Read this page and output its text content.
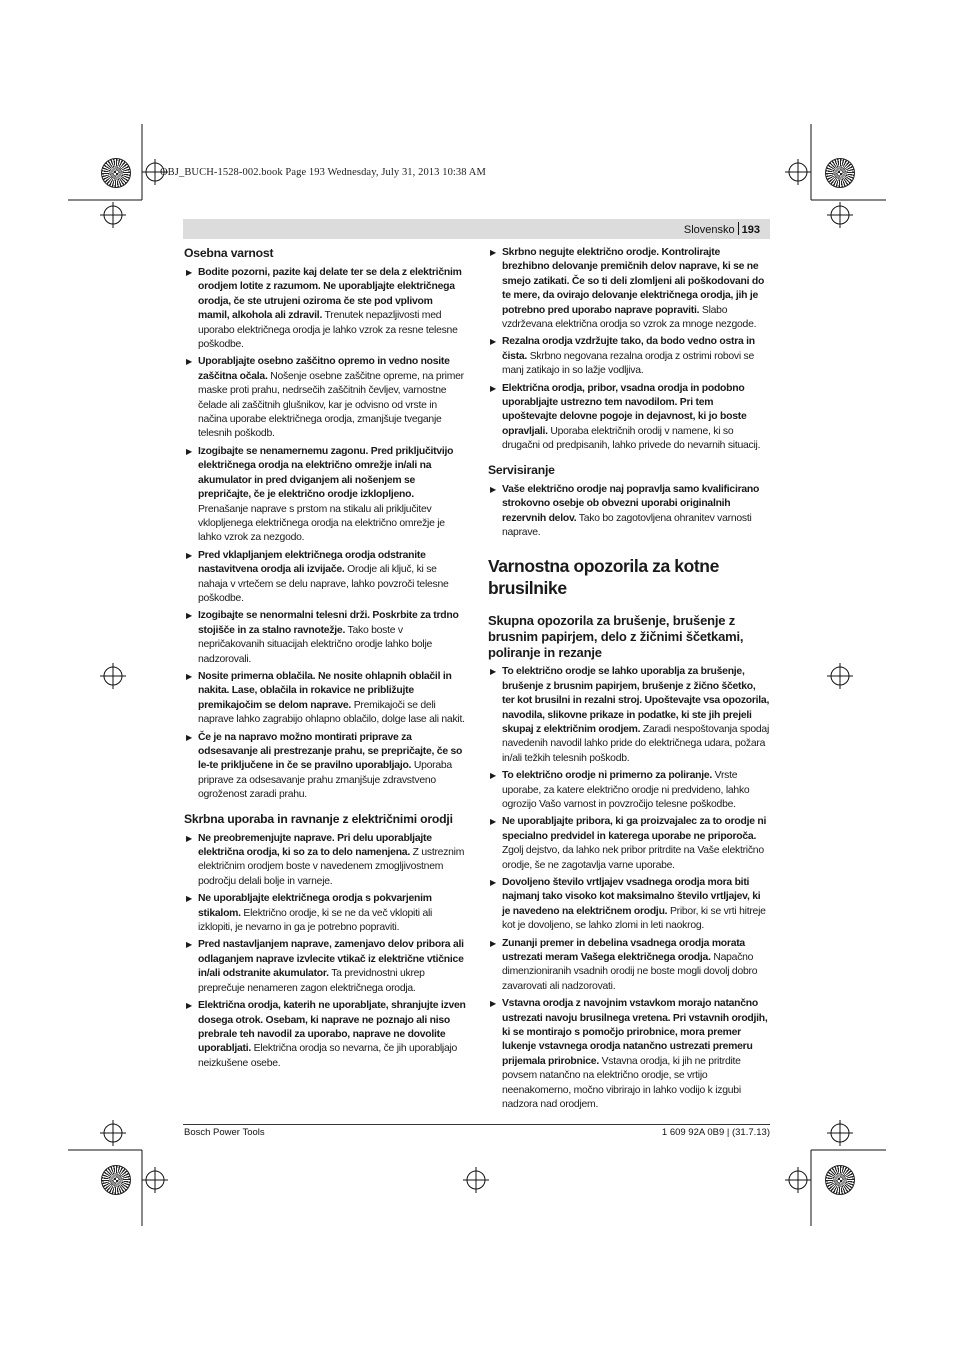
OBJ_BUCH-1528-002.book Page 193 Wednesday, July 31, 2013 10:38 AM
Slovensko 193
Osebna varnost
▶ Bodite pozorni, pazite kaj delate ter se dela z električnim orodjem lotite z razumom. Ne uporabljajte električnega orodja, če ste utrujeni oziroma če ste pod vplivom mamil, alkohola ali zdravil. Trenutek nepazljivosti med uporabo električnega orodja je lahko vzrok za resne telesne poškodbe.
▶ Uporabljajte osebno zaščitno opremo in vedno nosite zaščitna očala. Nošenje osebne zaščitne opreme, na primer maske proti prahu, nedrsečih zaščitnih čevljev, varnostne čelade ali zaščitnih glušnikov, kar je odvisno od vrste in načina uporabe električnega orodja, zmanjšuje tveganje telesnih poškodb.
▶ Izogibajte se nenamernemu zagonu. Pred priključitvijo električnega orodja na električno omrežje in/ali na akumulator in pred dviganjem ali nošenjem se prepričajte, če je električno orodje izklopljeno. Prenašanje naprave s prstom na stikalu ali priključitev vklopljenega električnega orodja na električno omrežje je lahko vzrok za nezgodo.
▶ Pred vklapljanjem električnega orodja odstranite nastavitvena orodja ali izvijače. Orodje ali ključ, ki se nahaja v vrtečem se delu naprave, lahko povzroči telesne poškodbe.
▶ Izogibajte se nenormalni telesni drži. Poskrbite za trdno stojišče in za stalno ravnotežje. Tako boste v nepričakovanih situacijah električno orodje lahko bolje nadzorovali.
▶ Nosite primerna oblačila. Ne nosite ohlapnih oblačil in nakita. Lase, oblačila in rokavice ne približujte premikajočim se delom naprave. Premikajoči se deli naprave lahko zagrabijo ohlapno oblačilo, dolge lase ali nakit.
▶ Če je na napravo možno montirati priprave za odsesavanje ali prestrezanje prahu, se prepričajte, če so le-te priključene in če se pravilno uporabljajo. Uporaba priprave za odsesavanje prahu zmanjšuje zdravstveno ogroženost zaradi prahu.
Skrbna uporaba in ravnanje z električnimi orodji
▶ Ne preobremenjujte naprave. Pri delu uporabljajte električna orodja, ki so za to delo namenjena. Z ustreznim električnim orodjem boste v navedenem zmogljivostnem področju delali bolje in varneje.
▶ Ne uporabljajte električnega orodja s pokvarjenim stikalom. Električno orodje, ki se ne da več vklopiti ali izklopiti, je nevarno in ga je potrebno popraviti.
▶ Pred nastavljanjem naprave, zamenjavo delov pribora ali odlaganjem naprave izvlecite vtikač iz električne vtičnice in/ali odstranite akumulator. Ta previdnostni ukrep preprečuje nenameren zagon električnega orodja.
▶ Električna orodja, katerih ne uporabljate, shranjujte izven dosega otrok. Osebam, ki naprave ne poznajo ali niso prebrale teh navodil za uporabo, naprave ne dovolite uporabljati. Električna orodja so nevarna, če jih uporabljajo neizkušene osebe.
▶ Skrbno negujte električno orodje. Kontrolirajte brezhibno delovanje premičnih delov naprave, ki se ne smejo zatikati. Če so ti deli zlomljeni ali poškodovani do te mere, da ovirajo delovanje električnega orodja, jih je potrebno pred uporabo naprave popraviti. Slabo vzdrževana električna orodja so vzrok za mnoge nezgode.
▶ Rezalna orodja vzdržujte tako, da bodo vedno ostra in čista. Skrbno negovana rezalna orodja z ostrimi robovi se manj zatikajo in so lažje vodljiva.
▶ Električna orodja, pribor, vsadna orodja in podobno uporabljajte ustrezno tem navodilom. Pri tem upoštevajte delovne pogoje in dejavnost, ki jo boste opravljali. Uporaba električnih orodij v namene, ki so drugačni od predpisanih, lahko privede do nevarnih situacij.
Servisiranje
▶ Vaše električno orodje naj popravlja samo kvalificirano strokovno osebje ob obvezni uporabi originalnih rezervnih delov. Tako bo zagotovljena ohranitev varnosti naprave.
Varnostna opozorila za kotne brusilnike
Skupna opozorila za brušenje, brušenje z brusnim papirjem, delo z žičnimi ščetkami, poliranje in rezanje
▶ To električno orodje se lahko uporablja za brušenje, brušenje z brusnim papirjem, brušenje z žično ščetko, ter kot brusilni in rezalni stroj. Upoštevajte vsa opozorila, navodila, slikovne prikaze in podatke, ki ste jih prejeli skupaj z električnim orodjem. Zaradi nespoštovanja spodaj navedenih navodil lahko pride do električnega udara, požara in/ali težkih telesnih poškodb.
▶ To električno orodje ni primerno za poliranje. Vrste uporabe, za katere električno orodje ni predvideno, lahko ogrozijo Vašo varnost in povzročijo telesne poškodbe.
▶ Ne uporabljajte pribora, ki ga proizvajalec za to orodje ni specialno predvidel in katerega uporabe ne priporoča. Zgolj dejstvo, da lahko nek pribor pritrdite na Vaše električno orodje, še ne zagotavlja varne uporabe.
▶ Dovoljeno število vrtljajev vsadnega orodja mora biti najmanj tako visoko kot maksimalno število vrtljajev, ki je navedeno na električnem orodju. Pribor, ki se vrti hitreje kot je dovoljeno, se lahko zlomi in leti naokrog.
▶ Zunanji premer in debelina vsadnega orodja morata ustrezati meram Vašega električnega orodja. Napačno dimenzioniranih vsadnih orodij ne boste mogli dovolj dobro zavarovati ali nadzorovati.
▶ Vstavna orodja z navojnim vstavkom morajo natančno ustrezati navoju brusilnega vretena. Pri vstavnih orodjih, ki se montirajo s pomočjo prirobnice, mora premer lukenje vstavnega orodja natančno ustrezati premeru prijemala prirobnice. Vstavna orodja, ki jih ne pritrdite povsem natančno na električno orodje, se vrtijo neenakomerno, močno vibrirajo in lahko vodijo k izgubi nadzora nad orodjem.
Bosch Power Tools	1 609 92A 0B9 | (31.7.13)
